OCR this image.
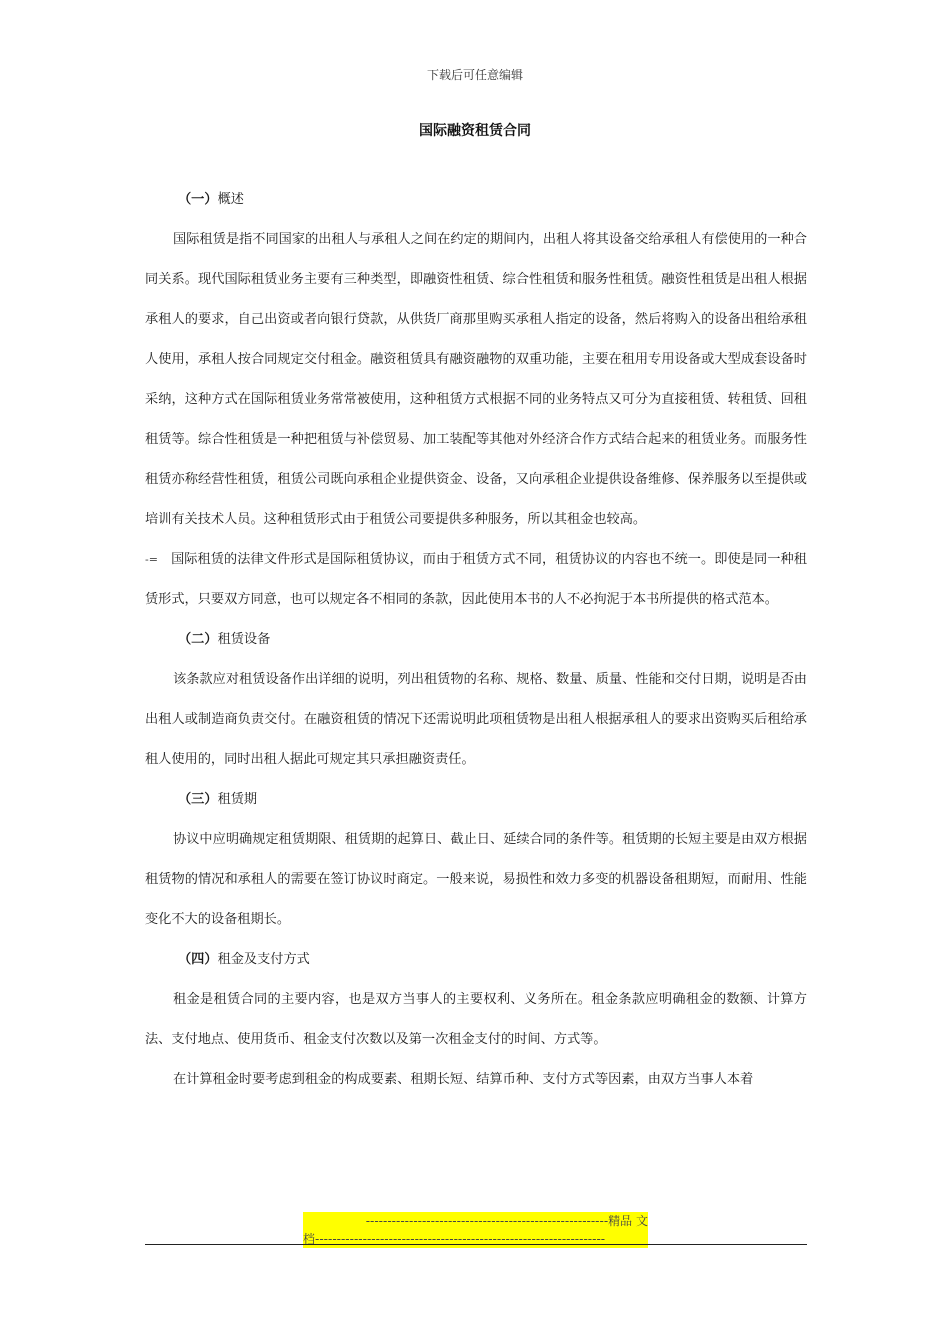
下载后可任意编辑
国际融资租赁合同

（一）概述

国际租赁是指不同国家的出租人与承租人之间在约定的期间内，出租人将其设备交给承租人有偿使用的一种合同关系。现代国际租赁业务主要有三种类型，即融资性租赁、综合性租赁和服务性租赁。融资性租赁是出租人根据承租人的要求，自己出资或者向银行贷款，从供货厂商那里购买承租人指定的设备，然后将购入的设备出租给承租人使用，承租人按合同规定交付租金。融资租赁具有融资融物的双重功能，主要在租用专用设备或大型成套设备时采纳，这种方式在国际租赁业务常常被使用，这种租赁方式根据不同的业务特点又可分为直接租赁、转租赁、回租租赁等。综合性租赁是一种把租赁与补偿贸易、加工装配等其他对外经济合作方式结合起来的租赁业务。而服务性租赁亦称经营性租赁，租赁公司既向承租企业提供资金、设备，又向承租企业提供设备维修、保养服务以至提供或培训有关技术人员。这种租赁形式由于租赁公司要提供多种服务，所以其租金也较高。

-= 国际租赁的法律文件形式是国际租赁协议，而由于租赁方式不同，租赁协议的内容也不统一。即使是同一种租赁形式，只要双方同意，也可以规定各不相同的条款，因此使用本书的人不必拘泥于本书所提供的格式范本。

（二）租赁设备

该条款应对租赁设备作出详细的说明，列出租赁物的名称、规格、数量、质量、性能和交付日期，说明是否由出租人或制造商负责交付。在融资租赁的情况下还需说明此项租赁物是出租人根据承租人的要求出资购买后租给承租人使用的，同时出租人据此可规定其只承担融资责任。

（三）租赁期

协议中应明确规定租赁期限、租赁期的起算日、截止日、延续合同的条件等。租赁期的长短主要是由双方根据租赁物的情况和承租人的需要在签订协议时商定。一般来说，易损性和效力多变的机器设备租期短，而耐用、性能变化不大的设备租期长。

（四）租金及支付方式

租金是租赁合同的主要内容，也是双方当事人的主要权利、义务所在。租金条款应明确租金的数额、计算方法、支付地点、使用货币、租金支付次数以及第一次租金支付的时间、方式等。

在计算租金时要考虑到租金的构成要素、租期长短、结算币种、支付方式等因素，由双方当事人本着

--------------------------------------------------------精品 文
档-------------------------------------------------------------------
